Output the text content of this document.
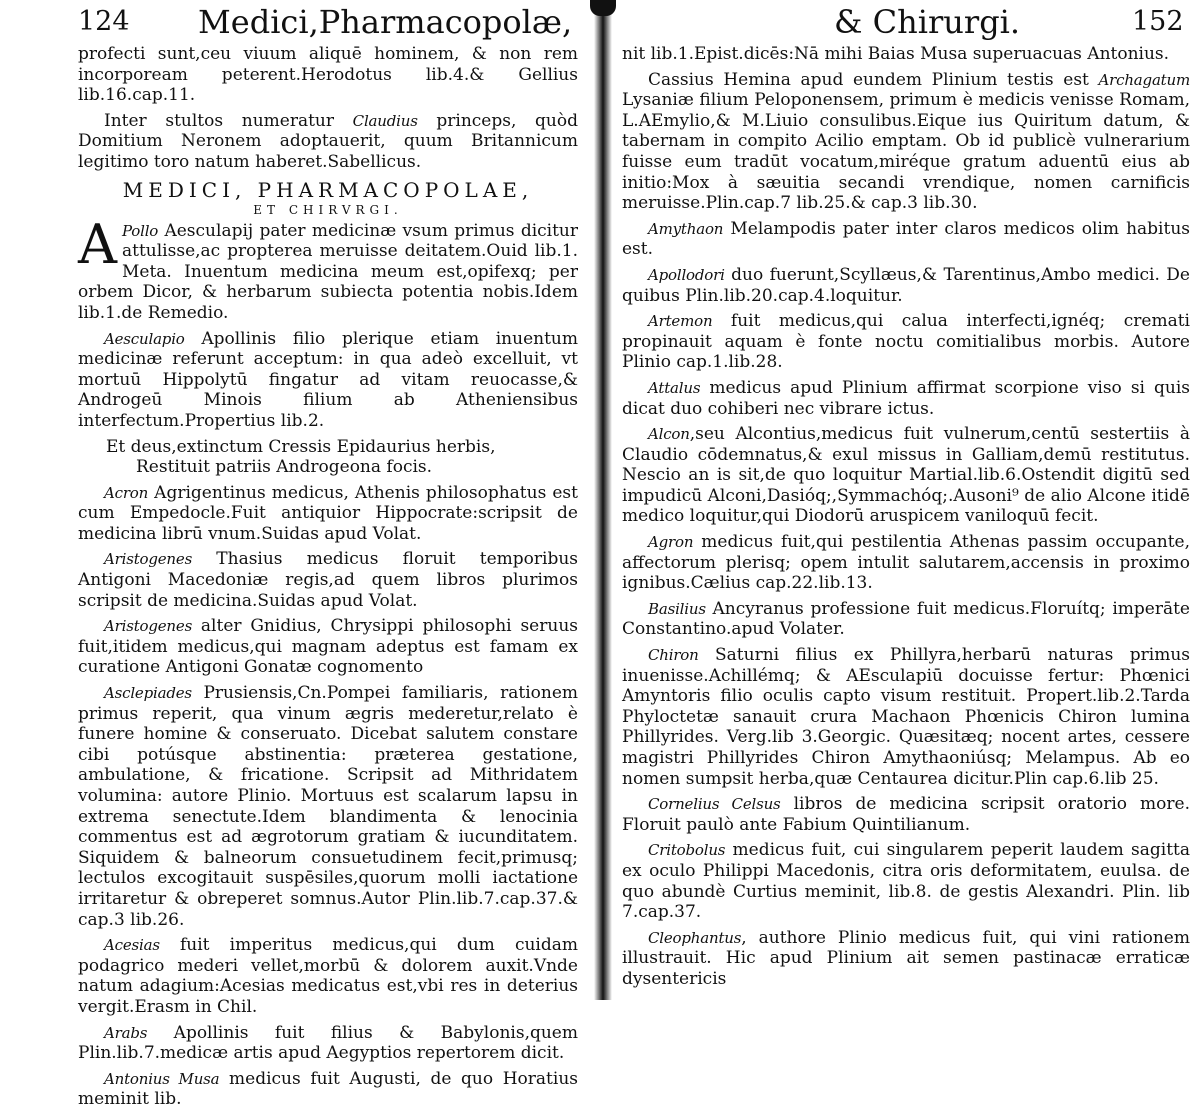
124 Medici,Pharmacopolæ,

profecti sunt,ceu viuum aliquē hominem, & non rem incorpoream peterent.Herodotus lib.4.& Gellius lib.16.cap.11.

Inter stultos numeratur Claudius princeps, quòd Domitium Neronem adoptauerit, quum Britannicum legitimo toro natum haberet.Sabellicus.

MEDICI, PHARMACOPOLAE,
ET CHIRVRGI.

A Pollo Aesculapij pater medicinæ vsum primus dicitur attulisse,ac propterea meruisse deitatem.Ouid lib.1. Meta. Inuentum medicina meum est,opifexq; per orbem Dicor, & herbarum subiecta potentia nobis.Idem lib.1.de Remedio.

Aesculapio Apollinis filio plerique etiam inuentum medicinæ referunt acceptum: in qua adeò excelluit, vt mortuū Hippolytū fingatur ad vitam reuocasse,& Androgeū Minois filium ab Atheniensibus interfectum.Propertius lib.2.

Et deus,extinctum Cressis Epidaurius herbis,

Restituit patriis Androgeona focis.

Acron Agrigentinus medicus, Athenis philosophatus est cum Empedocle.Fuit antiquior Hippocrate:scripsit de medicina librū vnum.Suidas apud Volat.

Aristogenes Thasius medicus floruit temporibus Antigoni Macedoniæ regis,ad quem libros plurimos scripsit de medicina.Suidas apud Volat.

Aristogenes alter Gnidius, Chrysippi philosophi seruus fuit,itidem medicus,qui magnam adeptus est famam ex curatione Antigoni Gonatæ cognomento

Asclepiades Prusiensis,Cn.Pompei familiaris, rationem primus reperit, qua vinum ægris mederetur,relato è funere homine & conseruato. Dicebat salutem constare cibi potúsque abstinentia: præterea gestatione, ambulatione, & fricatione. Scripsit ad Mithridatem volumina: autore Plinio. Mortuus est scalarum lapsu in extrema senectute.Idem blandimenta & lenocinia commentus est ad ægrotorum gratiam & iucunditatem. Siquidem & balneorum consuetudinem fecit,primusq; lectulos excogitauit suspēsiles,quorum molli iactatione irritaretur & obreperet somnus.Autor Plin.lib.7.cap.37.& cap.3 lib.26.

Acesias fuit imperitus medicus,qui dum cuidam podagrico mederi vellet,morbū & dolorem auxit.Vnde natum adagium:Acesias medicatus est,vbi res in deterius vergit.Erasm in Chil.

Arabs Apollinis fuit filius & Babylonis,quem Plin.lib.7.medicæ artis apud Aegyptios repertorem dicit.

Antonius Musa medicus fuit Augusti, de quo Horatius meminit lib.

& Chirurgi.	152

nit lib.1.Epist.dicēs:Nā mihi Baias Musa superuacuas Antonius.

Cassius Hemina apud eundem Plinium testis est Archagatum Lysaniæ filium Peloponensem, primum è medicis venisse Romam, L.AEmylio,& M.Liuio consulibus.Eique ius Quiritum datum, & tabernam in compito Acilio emptam. Ob id publicè vulnerarium fuisse eum tradūt vocatum,miréque gratum aduentū eius ab initio:Mox à sæuitia secandi vrendique, nomen carnificis meruisse.Plin.cap.7 lib.25.& cap.3 lib.30.

Amythaon Melampodis pater inter claros medicos olim habitus est.

Apollodori duo fuerunt,Scyllæus,& Tarentinus,Ambo medici. De quibus Plin.lib.20.cap.4.loquitur.

Artemon fuit medicus,qui calua interfecti,ignéq; cremati propinauit aquam è fonte noctu comitialibus morbis. Autore Plinio cap.1.lib.28.

Attalus medicus apud Plinium affirmat scorpione viso si quis dicat duo cohiberi nec vibrare ictus.

Alcon,seu Alcontius,medicus fuit vulnerum,centū sestertiis à Claudio cōdemnatus,& exul missus in Galliam,demū restitutus. Nescio an is sit,de quo loquitur Martial.lib.6.Ostendit digitū sed impudicū Alconi,Dasióq;,Symmachóq;.Ausoni⁹ de alio Alcone itidē medico loquitur,qui Diodorū aruspicem vaniloquū fecit.

Agron medicus fuit,qui pestilentia Athenas passim occupante, affectorum plerisq; opem intulit salutarem,accensis in proximo ignibus.Cælius cap.22.lib.13.

Basilius Ancyranus professione fuit medicus.Floruítq; imperāte Constantino.apud Volater.

Chiron Saturni filius ex Phillyra,herbarū naturas primus inuenisse.Achillémq; & AEsculapiū docuisse fertur: Phœnici Amyntoris filio oculis capto visum restituit. Propert.lib.2.Tarda Phyloctetæ sanauit crura Machaon Phœnicis Chiron lumina Phillyrides. Verg.lib 3.Georgic. Quæsitæq; nocent artes, cessere magistri Phillyrides Chiron Amythaoniúsq; Melampus. Ab eo nomen sumpsit herba,quæ Centaurea dicitur.Plin cap.6.lib 25.

Cornelius Celsus libros de medicina scripsit oratorio more. Floruit paulò ante Fabium Quintilianum.

Critobolus medicus fuit, cui singularem peperit laudem sagitta ex oculo Philippi Macedonis, citra oris deformitatem, euulsa. de quo abundè Curtius meminit, lib.8. de gestis Alexandri. Plin. lib 7.cap.37.

Cleophantus, authore Plinio medicus fuit, qui vini rationem illustrauit. Hic apud Plinium ait semen pastinacæ erraticæ dysentericis
